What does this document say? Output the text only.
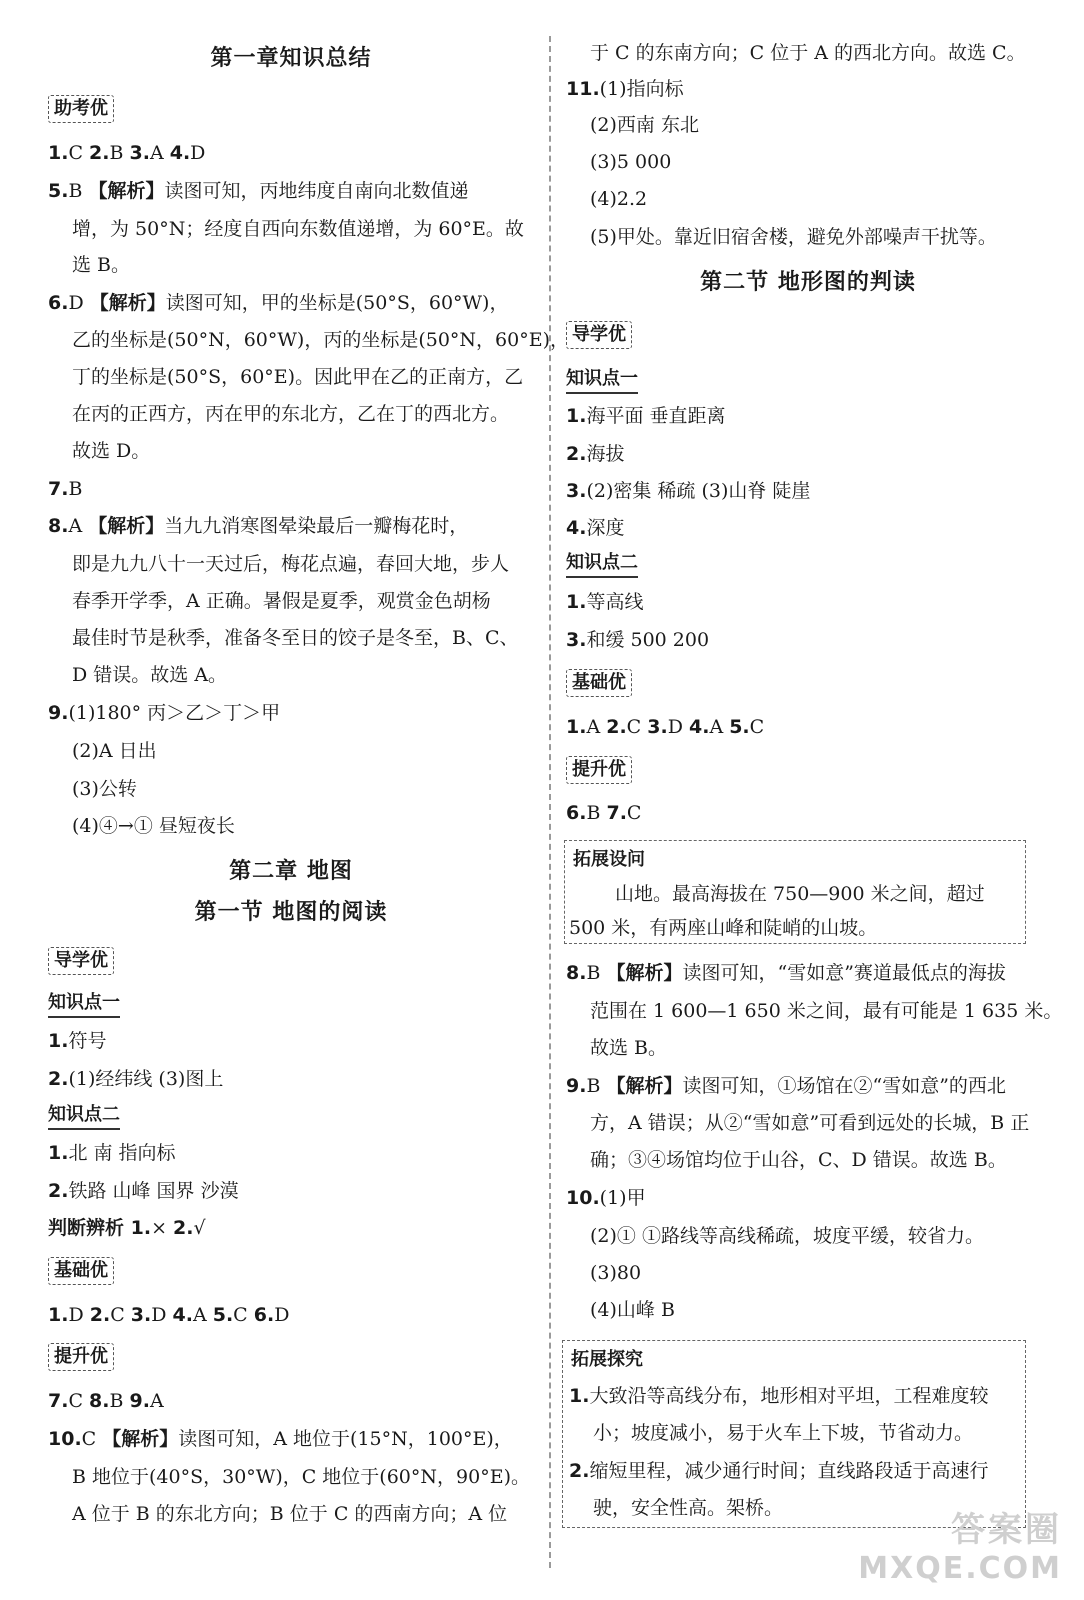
第一章知识总结
助考优
1.C 2.B 3.A 4.D
5.B 【解析】读图可知，丙地纬度自南向北数值递
增，为 50°N；经度自西向东数值递增，为 60°E。故
选 B。
6.D 【解析】读图可知，甲的坐标是(50°S，60°W)，
乙的坐标是(50°N，60°W)，丙的坐标是(50°N，60°E)，
丁的坐标是(50°S，60°E)。因此甲在乙的正南方，乙
在丙的正西方，丙在甲的东北方，乙在丁的西北方。
故选 D。
7.B
8.A 【解析】当九九消寒图晕染最后一瓣梅花时，
即是九九八十一天过后，梅花点遍，春回大地，步人
春季开学季，A 正确。暑假是夏季，观赏金色胡杨
最佳时节是秋季，准备冬至日的饺子是冬至，B、C、
D 错误。故选 A。
9.(1)180° 丙＞乙＞丁＞甲
(2)A 日出
(3)公转
(4)④→① 昼短夜长
第二章 地图
第一节 地图的阅读
导学优
知识点一
1.符号
2.(1)经纬线 (3)图上
知识点二
1.北 南 指向标
2.铁路 山峰 国界 沙漠
判断辨析 1.× 2.√
基础优
1.D 2.C 3.D 4.A 5.C 6.D
提升优
7.C 8.B 9.A
10.C 【解析】读图可知，A 地位于(15°N，100°E)，
B 地位于(40°S，30°W)，C 地位于(60°N，90°E)。
A 位于 B 的东北方向；B 位于 C 的西南方向；A 位
于 C 的东南方向；C 位于 A 的西北方向。故选 C。
11.(1)指向标
(2)西南 东北
(3)5 000
(4)2.2
(5)甲处。靠近旧宿舍楼，避免外部噪声干扰等。
第二节 地形图的判读
导学优
知识点一
1.海平面 垂直距离
2.海拔
3.(2)密集 稀疏 (3)山脊 陡崖
4.深度
知识点二
1.等高线
3.和缓 500 200
基础优
1.A 2.C 3.D 4.A 5.C
提升优
6.B 7.C
拓展设问
山地。最高海拔在 750—900 米之间，超过
500 米，有两座山峰和陡峭的山坡。
8.B 【解析】读图可知，“雪如意”赛道最低点的海拔
范围在 1 600—1 650 米之间，最有可能是 1 635 米。
故选 B。
9.B 【解析】读图可知，①场馆在②“雪如意”的西北
方，A 错误；从②“雪如意”可看到远处的长城，B 正
确；③④场馆均位于山谷，C、D 错误。故选 B。
10.(1)甲
(2)① ①路线等高线稀疏，坡度平缓，较省力。
(3)80
(4)山峰 B
拓展探究
1.大致沿等高线分布，地形相对平坦，工程难度较
小；坡度减小，易于火车上下坡，节省动力。
2.缩短里程，减少通行时间；直线路段适于高速行
驶，安全性高。架桥。
答案圈
MXQE.COM
